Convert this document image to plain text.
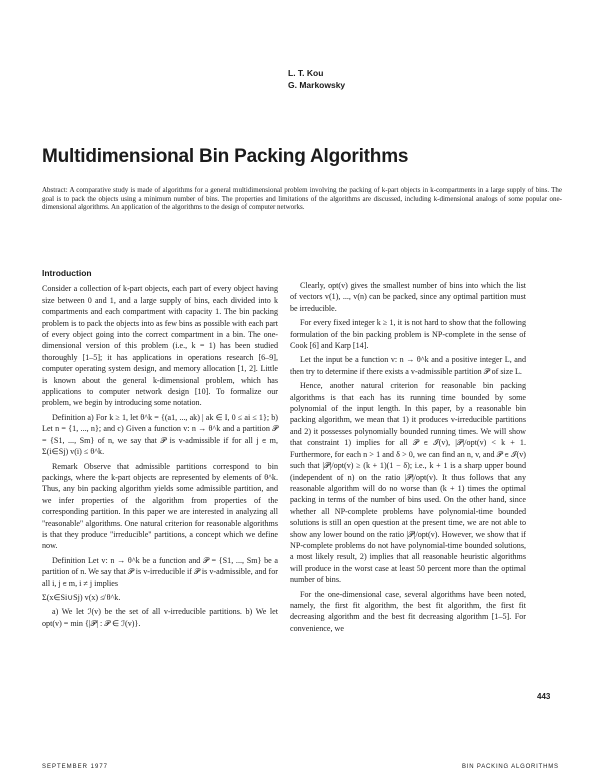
L. T. Kou
G. Markowsky
Multidimensional Bin Packing Algorithms

Abstract: A comparative study is made of algorithms for a general multidimensional problem involving the packing of k-part objects in k-compartments in a large supply of bins. The goal is to pack the objects using a minimum number of bins. The properties and limitations of the algorithms are discussed, including k-dimensional analogs of some popular one-dimensional algorithms. An application of the algorithms to the design of computer networks.

Introduction

Consider a collection of k-part objects, each part of every object having size between 0 and 1, and a large supply of bins, each divided into k compartments and each compartment with capacity 1. The bin packing problem is to pack the objects into as few bins as possible with each part of every object going into the correct compartment in a bin. The one-dimensional version of this problem (i.e., k = 1) has been studied thoroughly [1–5]; it has applications in operations research [6–9], computer operating system design, and memory allocation [1, 2]. Little is known about the general k-dimensional problem, which has applications to computer network design [10]. To formalize our problem, we begin by introducing some notation.

Definition a) For k ≥ 1, let θ^k = {(a1, ..., ak) | ak ∈ I, 0 ≤ ai ≤ 1}; b) Let n = {1, ..., n}; and c) Given a function v: n → θ^k and a partition 𝒫 = {S1, ..., Sm} of n, we say that 𝒫 is v-admissible if for all j ∈ m, Σ(i∈Sj) v(i) ≤ θ^k.

Remark Observe that admissible partitions correspond to bin packings, where the k-part objects are represented by elements of θ^k. Thus, any bin packing algorithm yields some admissible partition, and we infer properties of the algorithm from properties of the corresponding partition. In this paper we are interested in analyzing all "reasonable" algorithms. One natural criterion for reasonable algorithms is that they produce "irreducible" partitions, a concept which we define now.

Definition Let v: n → θ^k be a function and 𝒫 = {S1, ..., Sm} be a partition of n. We say that 𝒫 is v-irreducible if 𝒫 is v-admissible, and for all i, j ∈ m, i ≠ j implies

Σ(x∈Si∪Sj) v(x) ≰ θ^k.

a) We let ℐ(v) be the set of all v-irreducible partitions. b) We let opt(v) = min {|𝒫| : 𝒫 ∈ ℐ(v)}.

Clearly, opt(v) gives the smallest number of bins into which the list of vectors v(1), ..., v(n) can be packed, since any optimal partition must be irreducible.

For every fixed integer k ≥ 1, it is not hard to show that the following formulation of the bin packing problem is NP-complete in the sense of Cook [6] and Karp [14].

Let the input be a function v: n → θ^k and a positive integer L, and then try to determine if there exists a v-admissible partition 𝒫 of size L.

Hence, another natural criterion for reasonable bin packing algorithms is that each has its running time bounded by some polynomial of the input length. In this paper, by a reasonable bin packing algorithm, we mean that 1) it produces v-irreducible partitions and 2) it possesses polynomially bounded running times. We will show that constraint 1) implies for all 𝒫 ∈ ℐ(v), |𝒫|/opt(v) < k + 1. Furthermore, for each n > 1 and δ > 0, we can find an n, v, and 𝒫 ∈ ℐ(v) such that |𝒫|/opt(v) ≥ (k + 1)(1 − δ); i.e., k + 1 is a sharp upper bound (independent of n) on the ratio |𝒫|/opt(v). It thus follows that any reasonable algorithm will do no worse than (k + 1) times the optimal packing in terms of the number of bins used. On the other hand, since whether all NP-complete problems have polynomial-time bounded solutions is still an open question at the present time, we are not able to show any lower bound on the ratio |𝒫|/opt(v). However, we show that if NP-complete problems do not have polynomial-time bounded solutions, a most likely result, 2) implies that all reasonable heuristic algorithms will produce in the worst case at least 50 percent more than the optimal number of bins.

For the one-dimensional case, several algorithms have been noted, namely, the first fit algorithm, the best fit algorithm, the first fit decreasing algorithm and the best fit decreasing algorithm [1–5]. For convenience, we

443
SEPTEMBER 1977	BIN PACKING ALGORITHMS
